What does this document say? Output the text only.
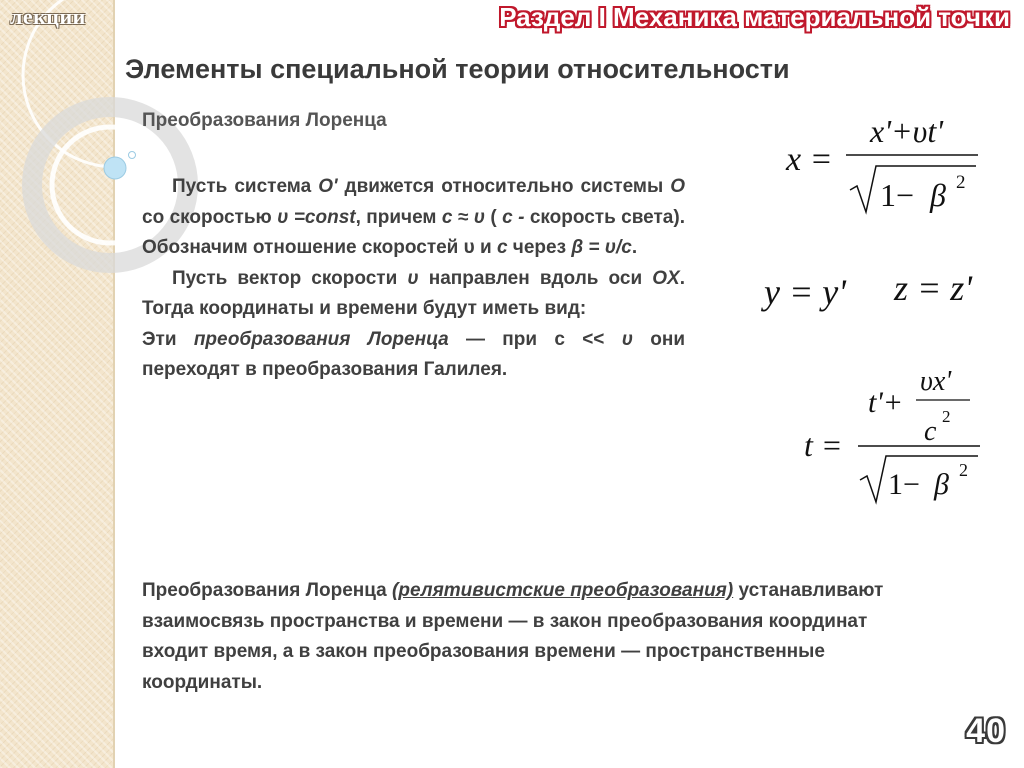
лекции	Раздел I Механика материальной точки
Элементы специальной теории относительности
Преобразования Лоренца

Пусть система O' движется относительно системы O со скоростью υ =const, причем c ≈ υ ( c - скорость света). Обозначим отношение скоростей υ и c через β = υ/c.

Пусть вектор скорости υ направлен вдоль оси OX. Тогда координаты и времени будут иметь вид:

Эти преобразования Лоренца — при c << υ они переходят в преобразования Галилея.

Преобразования Лоренца (релятивистские преобразования) устанавливают взаимосвязь пространства и времени — в закон преобразования координат входит время, а в закон преобразования времени — пространственные координаты.
x =
x'+υt'
1− β 2
y = y' z = z'
t =
t'+
υx'
c 2
1− β 2
40
